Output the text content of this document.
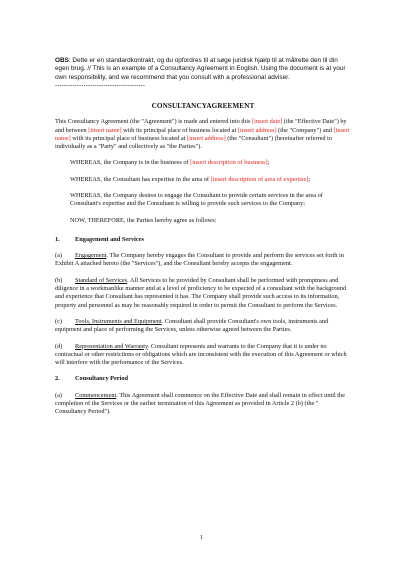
OBS: Dette er en standardkontrakt, og du opfordres til at søge juridisk hjælp til at målrette den til din egen brug. // This is an example of a Consultancy Agreement in English. Using the document is at your own responsibility, and we recommend that you consult with a professional adviser.
-----------------------------------------
CONSULTANCYAGREEMENT

This Consultancy Agreement (the "Agreement") is made and entered into this [insert date] (the "Effective Date") by and between [insert name] with its principal place of business located at [insert address] (the "Company") and [insert name] with its principal place of business located at [insert address] (the "Consultant") (hereinafter referred to individually as a "Party" and collectively as "the Parties").

WHEREAS, the Company is in the business of [insert description of business];

WHEREAS, the Consultant has expertise in the area of [insert description of area of expertise];

WHEREAS, the Company desires to engage the Consultant to provide certain services in the area of Consultant's expertise and the Consultant is willing to provide such services to the Company;

NOW, THEREFORE, the Parties hereby agree as follows:

1.	Engagement and Services

(a) Engagement. The Company hereby engages the Consultant to provide and perform the services set forth in Exhibit A attached hereto (the "Services"), and the Consultant hereby accepts the engagement.

(b) Standard of Services. All Services to be provided by Consultant shall be performed with promptness and diligence in a workmanlike manner and at a level of proficiency to be expected of a consultant with the background and experience that Consultant has represented it has. The Company shall provide such access to its information, property and personnel as may be reasonably required in order to permit the Consultant to perform the Services.

(c) Tools, Instruments and Equipment. Consultant shall provide Consultant's own tools, instruments and equipment and place of performing the Services, unless otherwise agreed between the Parties.

(d) Representation and Warranty. Consultant represents and warrants to the Company that it is under no contractual or other restrictions or obligations which are inconsistent with the execution of this Agreement or which will interfere with the performance of the Services.

2.	Consultancy Period

(a) Commencement. This Agreement shall commence on the Effective Date and shall remain in effect until the completion of the Services or the earlier termination of this Agreement as provided in Article 2 (b) (the " Consultancy Period").

1
